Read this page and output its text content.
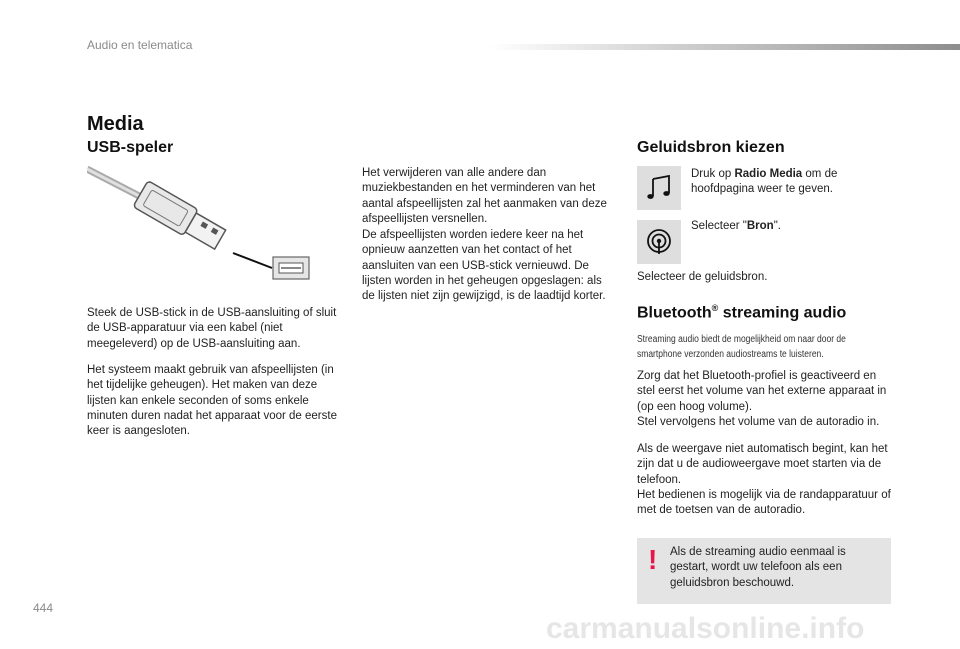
Audio en telematica
Media
USB-speler
Steek de USB-stick in de USB-aansluiting of sluit de USB-apparatuur via een kabel (niet meegeleverd) op de USB-aansluiting aan.
Het systeem maakt gebruik van afspeellijsten (in het tijdelijke geheugen). Het maken van deze lijsten kan enkele seconden of soms enkele minuten duren nadat het apparaat voor de eerste keer is aangesloten.
Het verwijderen van alle andere dan muziekbestanden en het verminderen van het aantal afspeellijsten zal het aanmaken van deze afspeellijsten versnellen.
De afspeellijsten worden iedere keer na het opnieuw aanzetten van het contact of het aansluiten van een USB-stick vernieuwd. De lijsten worden in het geheugen opgeslagen: als de lijsten niet zijn gewijzigd, is de laadtijd korter.
Geluidsbron kiezen
Druk op Radio Media om de hoofdpagina weer te geven.
Selecteer "Bron".
Selecteer de geluidsbron.
Bluetooth® streaming audio
Streaming audio biedt de mogelijkheid om naar door de smartphone verzonden audiostreams te luisteren.
Zorg dat het Bluetooth-profiel is geactiveerd en stel eerst het volume van het externe apparaat in (op een hoog volume).
Stel vervolgens het volume van de autoradio in.
Als de weergave niet automatisch begint, kan het zijn dat u de audioweergave moet starten via de telefoon.
Het bedienen is mogelijk via de randapparatuur of met de toetsen van de autoradio.
! Als de streaming audio eenmaal is gestart, wordt uw telefoon als een geluidsbron beschouwd.
444
carmanualsonline.info
